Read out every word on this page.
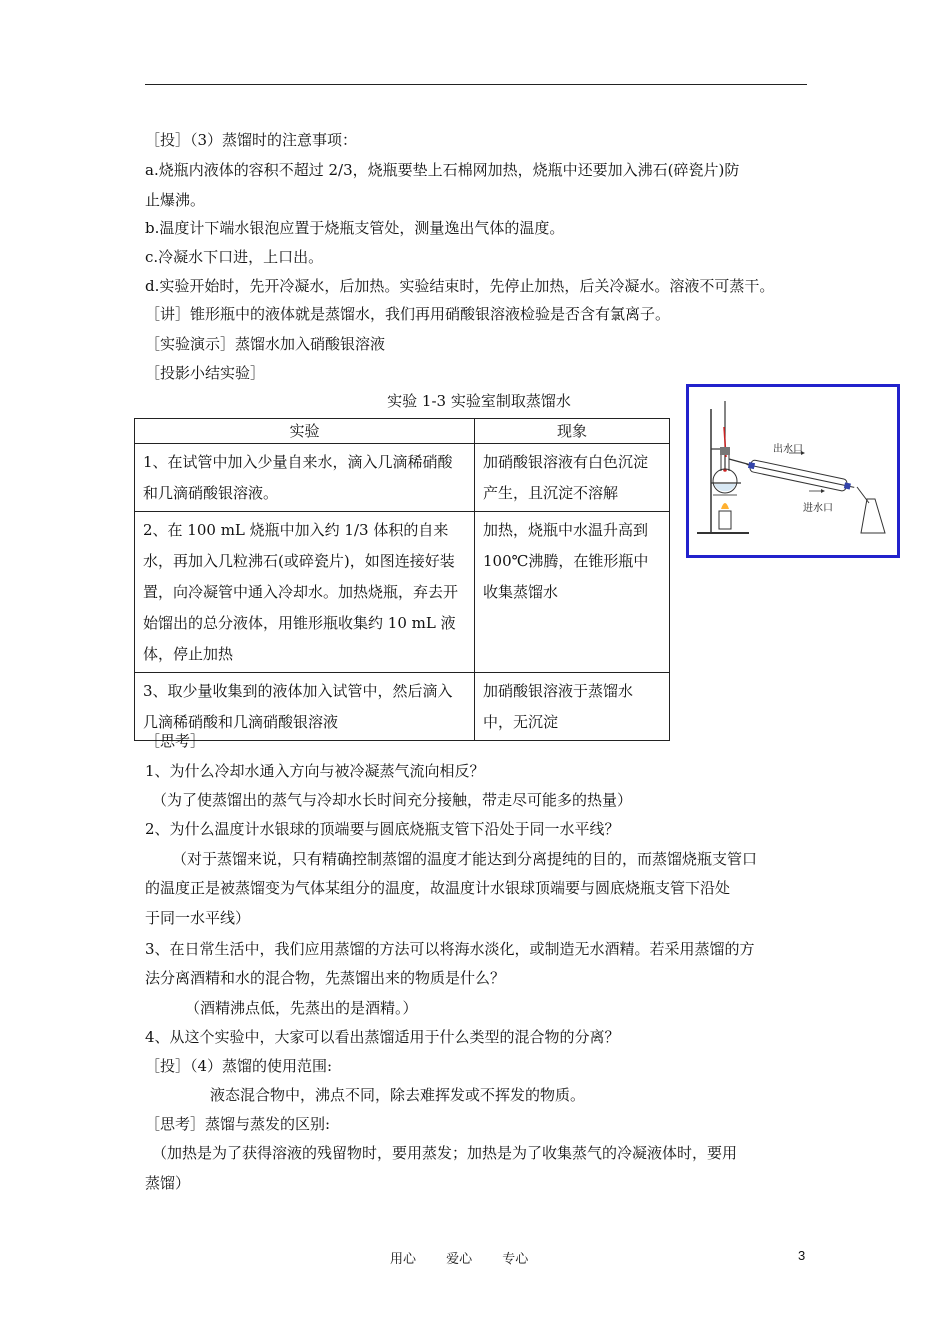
［投］（3）蒸馏时的注意事项：
a.烧瓶内液体的容积不超过 2/3，烧瓶要垫上石棉网加热，烧瓶中还要加入沸石(碎瓷片)防
止爆沸。
b.温度计下端水银泡应置于烧瓶支管处，测量逸出气体的温度。
c.冷凝水下口进，上口出。
d.实验开始时，先开冷凝水，后加热。实验结束时，先停止加热，后关冷凝水。溶液不可蒸干。
［讲］锥形瓶中的液体就是蒸馏水，我们再用硝酸银溶液检验是否含有氯离子。
［实验演示］蒸馏水加入硝酸银溶液
［投影小结实验］
实验 1-3 实验室制取蒸馏水
实验	现象
1、在试管中加入少量自来水，滴入几滴稀硝酸和几滴硝酸银溶液。	加硝酸银溶液有白色沉淀产生，且沉淀不溶解
2、在 100 mL 烧瓶中加入约 1/3 体积的自来水，再加入几粒沸石(或碎瓷片)，如图连接好装置，向冷凝管中通入冷却水。加热烧瓶，弃去开始馏出的总分液体，用锥形瓶收集约 10 mL 液体，停止加热	加热，烧瓶中水温升高到 100℃沸腾，在锥形瓶中收集蒸馏水
3、取少量收集到的液体加入试管中，然后滴入几滴稀硝酸和几滴硝酸银溶液	加硝酸银溶液于蒸馏水中，无沉淀
出水口
进水口
［思考］
1、为什么冷却水通入方向与被冷凝蒸气流向相反？
（为了使蒸馏出的蒸气与冷却水长时间充分接触，带走尽可能多的热量）
2、为什么温度计水银球的顶端要与圆底烧瓶支管下沿处于同一水平线？
（对于蒸馏来说，只有精确控制蒸馏的温度才能达到分离提纯的目的，而蒸馏烧瓶支管口
的温度正是被蒸馏变为气体某组分的温度，故温度计水银球顶端要与圆底烧瓶支管下沿处
于同一水平线）
3、在日常生活中，我们应用蒸馏的方法可以将海水淡化，或制造无水酒精。若采用蒸馏的方
法分离酒精和水的混合物，先蒸馏出来的物质是什么？
（酒精沸点低，先蒸出的是酒精。）
4、从这个实验中，大家可以看出蒸馏适用于什么类型的混合物的分离？
［投］（4）蒸馏的使用范围:
液态混合物中，沸点不同，除去难挥发或不挥发的物质。
［思考］蒸馏与蒸发的区别:
（加热是为了获得溶液的残留物时，要用蒸发；加热是为了收集蒸气的冷凝液体时，要用
蒸馏）
用心 爱心 专心	3
